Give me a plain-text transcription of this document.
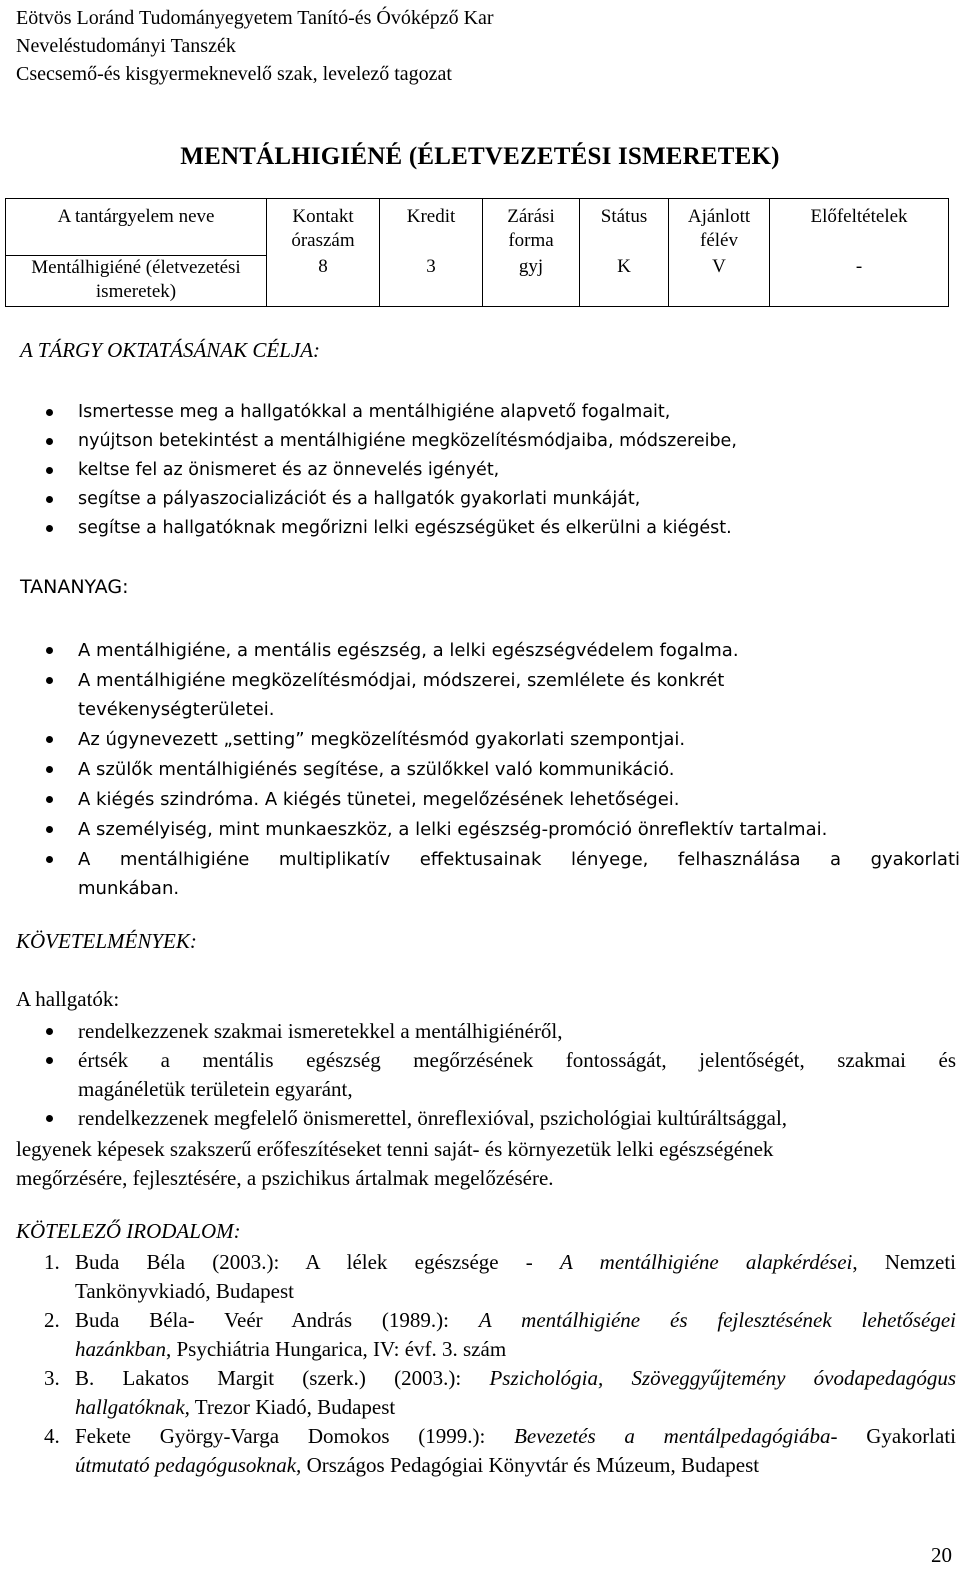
Eötvös Loránd Tudományegyetem Tanító-és Óvóképző Kar
Neveléstudományi Tanszék
Csecsemő-és kisgyermeknevelő szak, levelező tagozat
MENTÁLHIGIÉNÉ (ÉLETVEZETÉSI ISMERETEK)
A tantárgyelem neve	Kontakt óraszám	Kredit	Zárási forma	Státus	Ajánlott félév	Előfeltételek
Mentálhigiéné (életvezetési ismeretek)	8	3	gyj	K	V	-
A TÁRGY OKTATÁSÁNAK CÉLJA:
Ismertesse meg a hallgatókkal a mentálhigiéne alapvető fogalmait,
nyújtson betekintést a mentálhigiéne megközelítésmódjaiba, módszereibe,
keltse fel az önismeret és az önnevelés igényét,
segítse a pályaszocializációt és a hallgatók gyakorlati munkáját,
segítse a hallgatóknak megőrizni lelki egészségüket és elkerülni a kiégést.
TANANYAG:
A mentálhigiéne, a mentális egészség, a lelki egészségvédelem fogalma.
A mentálhigiéne megközelítésmódjai, módszerei, szemlélete és konkrét
tevékenységterületei.
Az úgynevezett „setting” megközelítésmód gyakorlati szempontjai.
A szülők mentálhigiénés segítése, a szülőkkel való kommunikáció.
A kiégés szindróma. A kiégés tünetei, megelőzésének lehetőségei.
A személyiség, mint munkaeszköz, a lelki egészség-promóció önreflektív tartalmai.
A mentálhigiéne multiplikatív effektusainak lényege, felhasználása a gyakorlati
munkában.
KÖVETELMÉNYEK:
A hallgatók:
rendelkezzenek szakmai ismeretekkel a mentálhigiénéről,
értsék a mentális egészség megőrzésének fontosságát, jelentőségét, szakmai és
magánéletük területein egyaránt,
rendelkezzenek megfelelő önismerettel, önreflexióval, pszichológiai kultúráltsággal,
legyenek képesek szakszerű erőfeszítéseket tenni saját- és környezetük lelki egészségének
megőrzésére, fejlesztésére, a pszichikus ártalmak megelőzésére.
KÖTELEZŐ IRODALOM:
1. Buda Béla (2003.): A lélek egészsége - A mentálhigiéne alapkérdései, Nemzeti
Tankönyvkiadó, Budapest
2. Buda Béla- Veér András (1989.): A mentálhigiéne és fejlesztésének lehetőségei
hazánkban, Psychiátria Hungarica, IV: évf. 3. szám
3. B. Lakatos Margit (szerk.) (2003.): Pszichológia, Szöveggyűjtemény óvodapedagógus
hallgatóknak, Trezor Kiadó, Budapest
4. Fekete György-Varga Domokos (1999.): Bevezetés a mentálpedagógiába- Gyakorlati
útmutató pedagógusoknak, Országos Pedagógiai Könyvtár és Múzeum, Budapest
20
